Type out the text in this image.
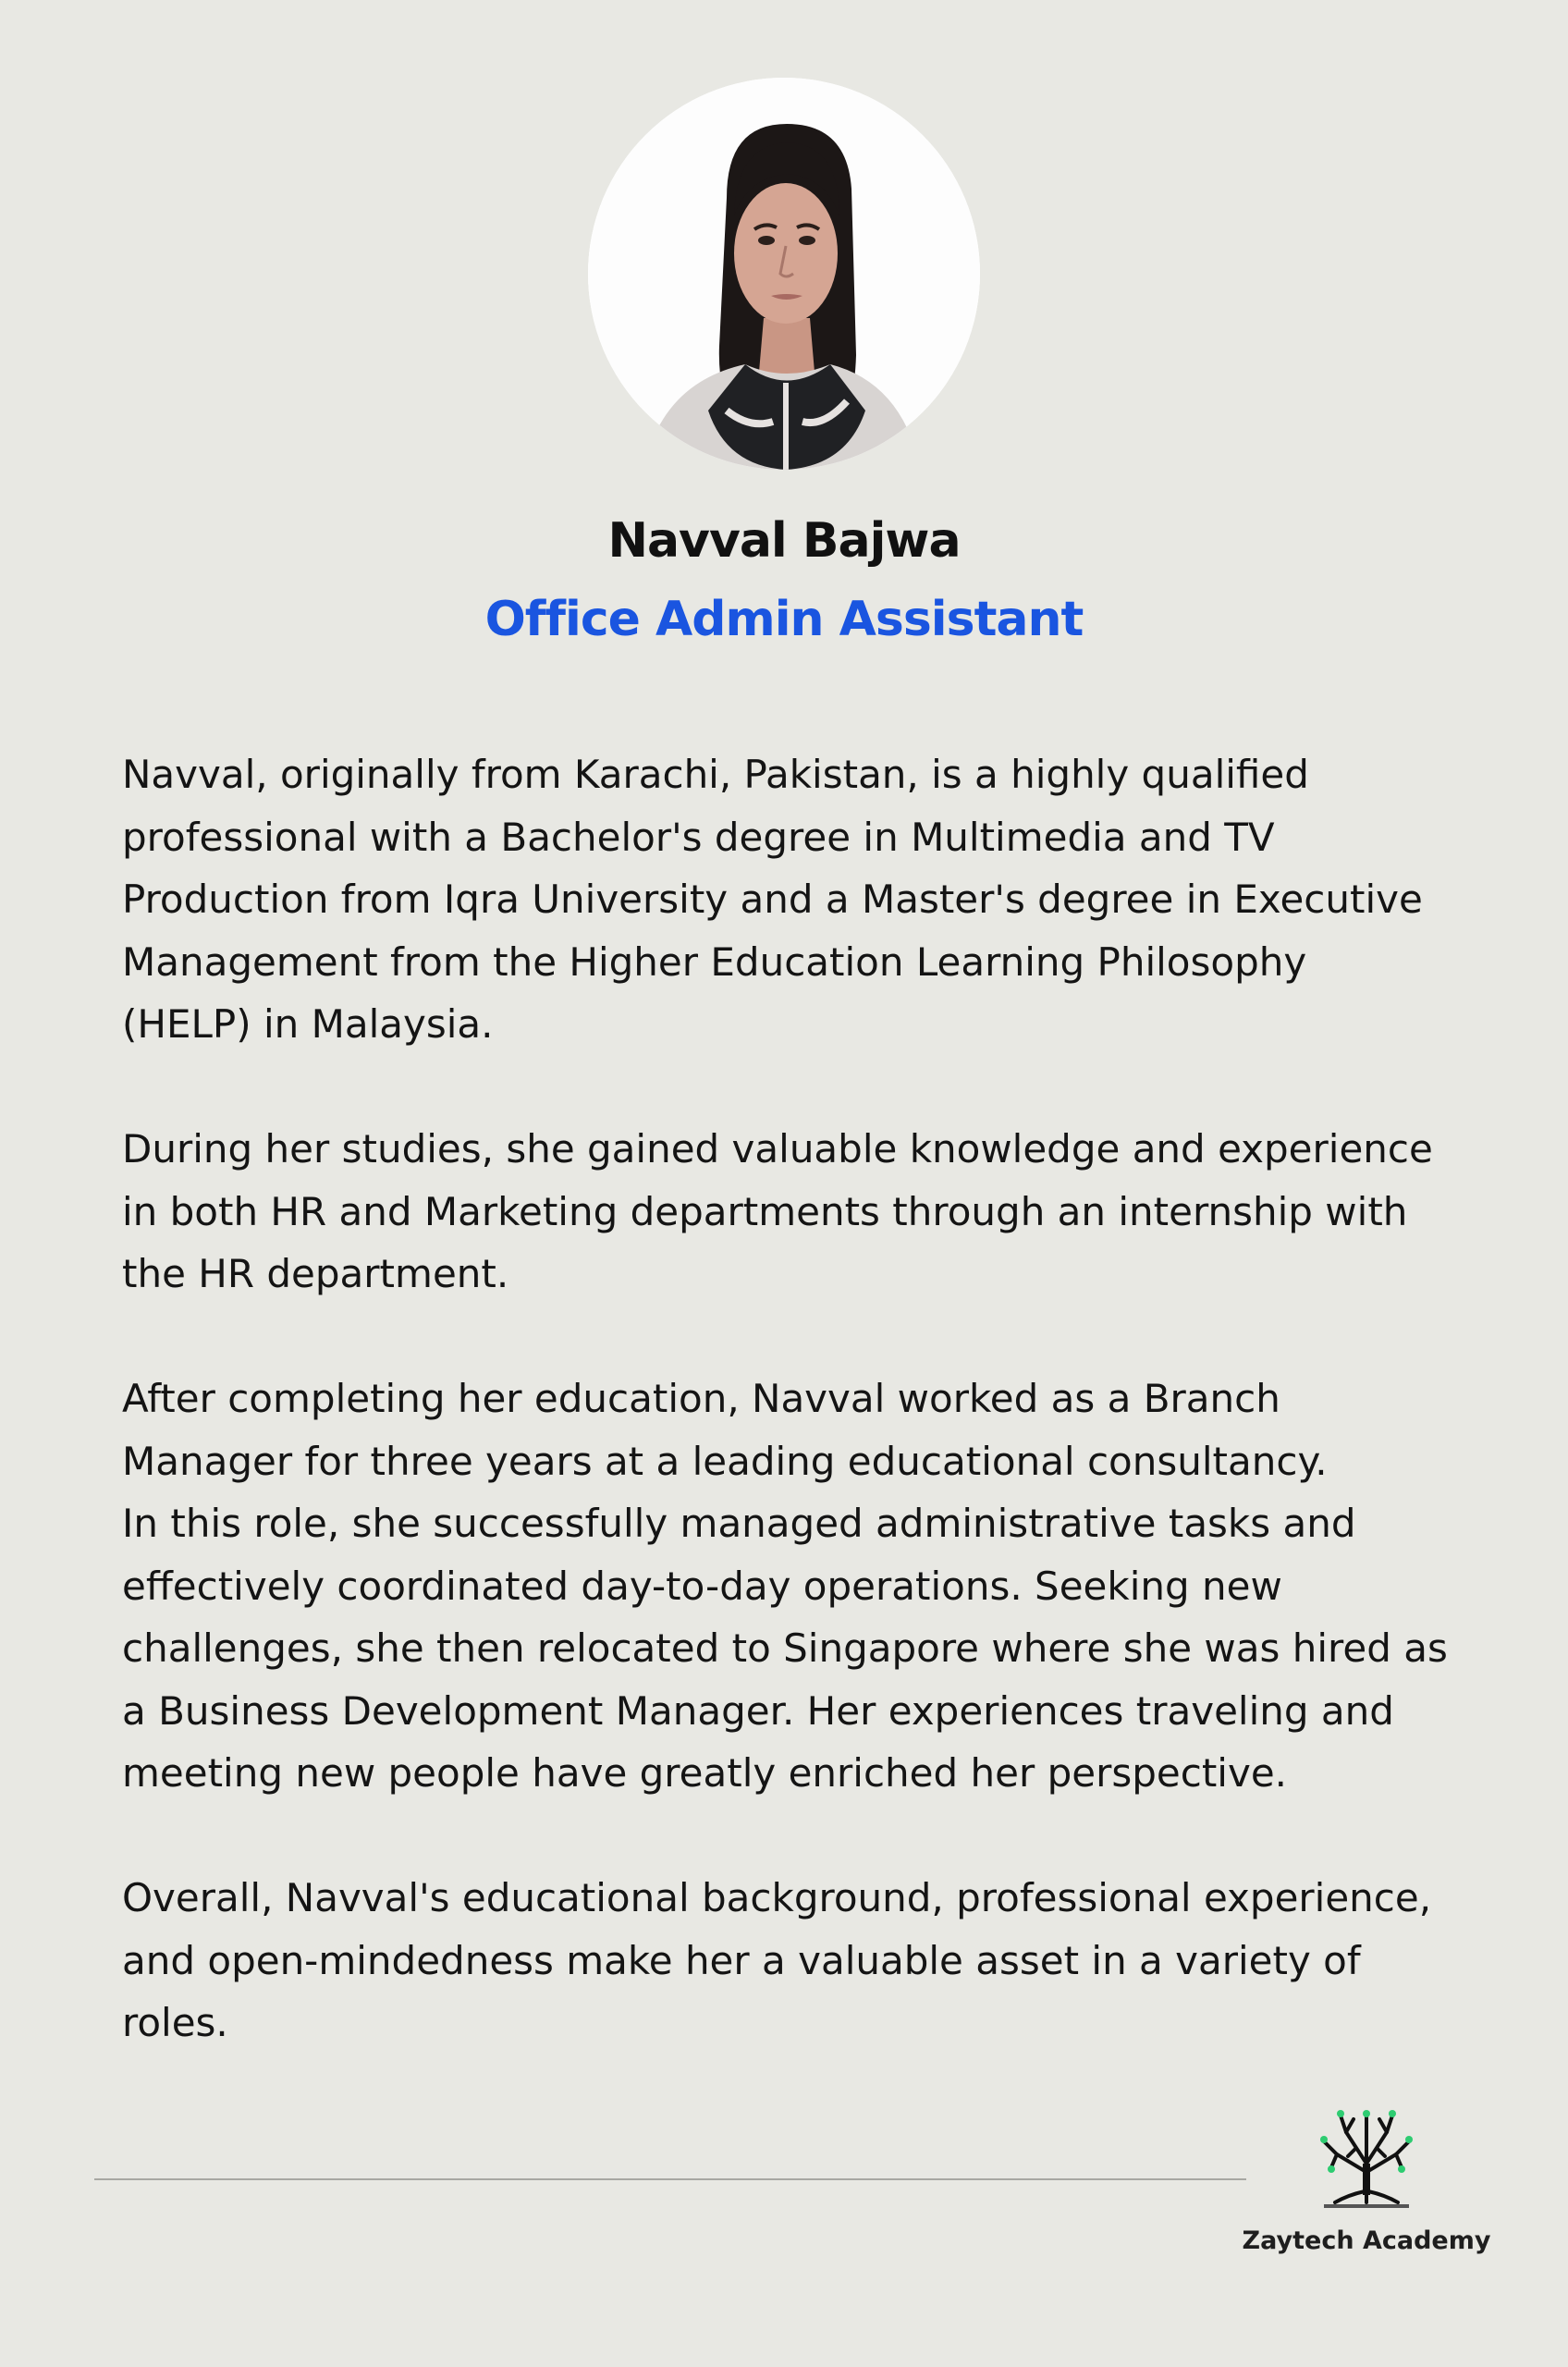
Navval Bajwa
Office Admin Assistant

Navval, originally from Karachi, Pakistan, is a highly qualified
professional with a Bachelor's degree in Multimedia and TV
Production from Iqra University and a Master's degree in Executive
Management from the Higher Education Learning Philosophy
(HELP) in Malaysia.

During her studies, she gained valuable knowledge and experience
in both HR and Marketing departments through an internship with
the HR department.

After completing her education, Navval worked as a Branch
Manager for three years at a leading educational consultancy.
In this role, she successfully managed administrative tasks and
effectively coordinated day-to-day operations. Seeking new
challenges, she then relocated to Singapore where she was hired as
a Business Development Manager. Her experiences traveling and
meeting new people have greatly enriched her perspective.

Overall, Navval's educational background, professional experience,
and open-mindedness make her a valuable asset in a variety of
roles.

Zaytech Academy
